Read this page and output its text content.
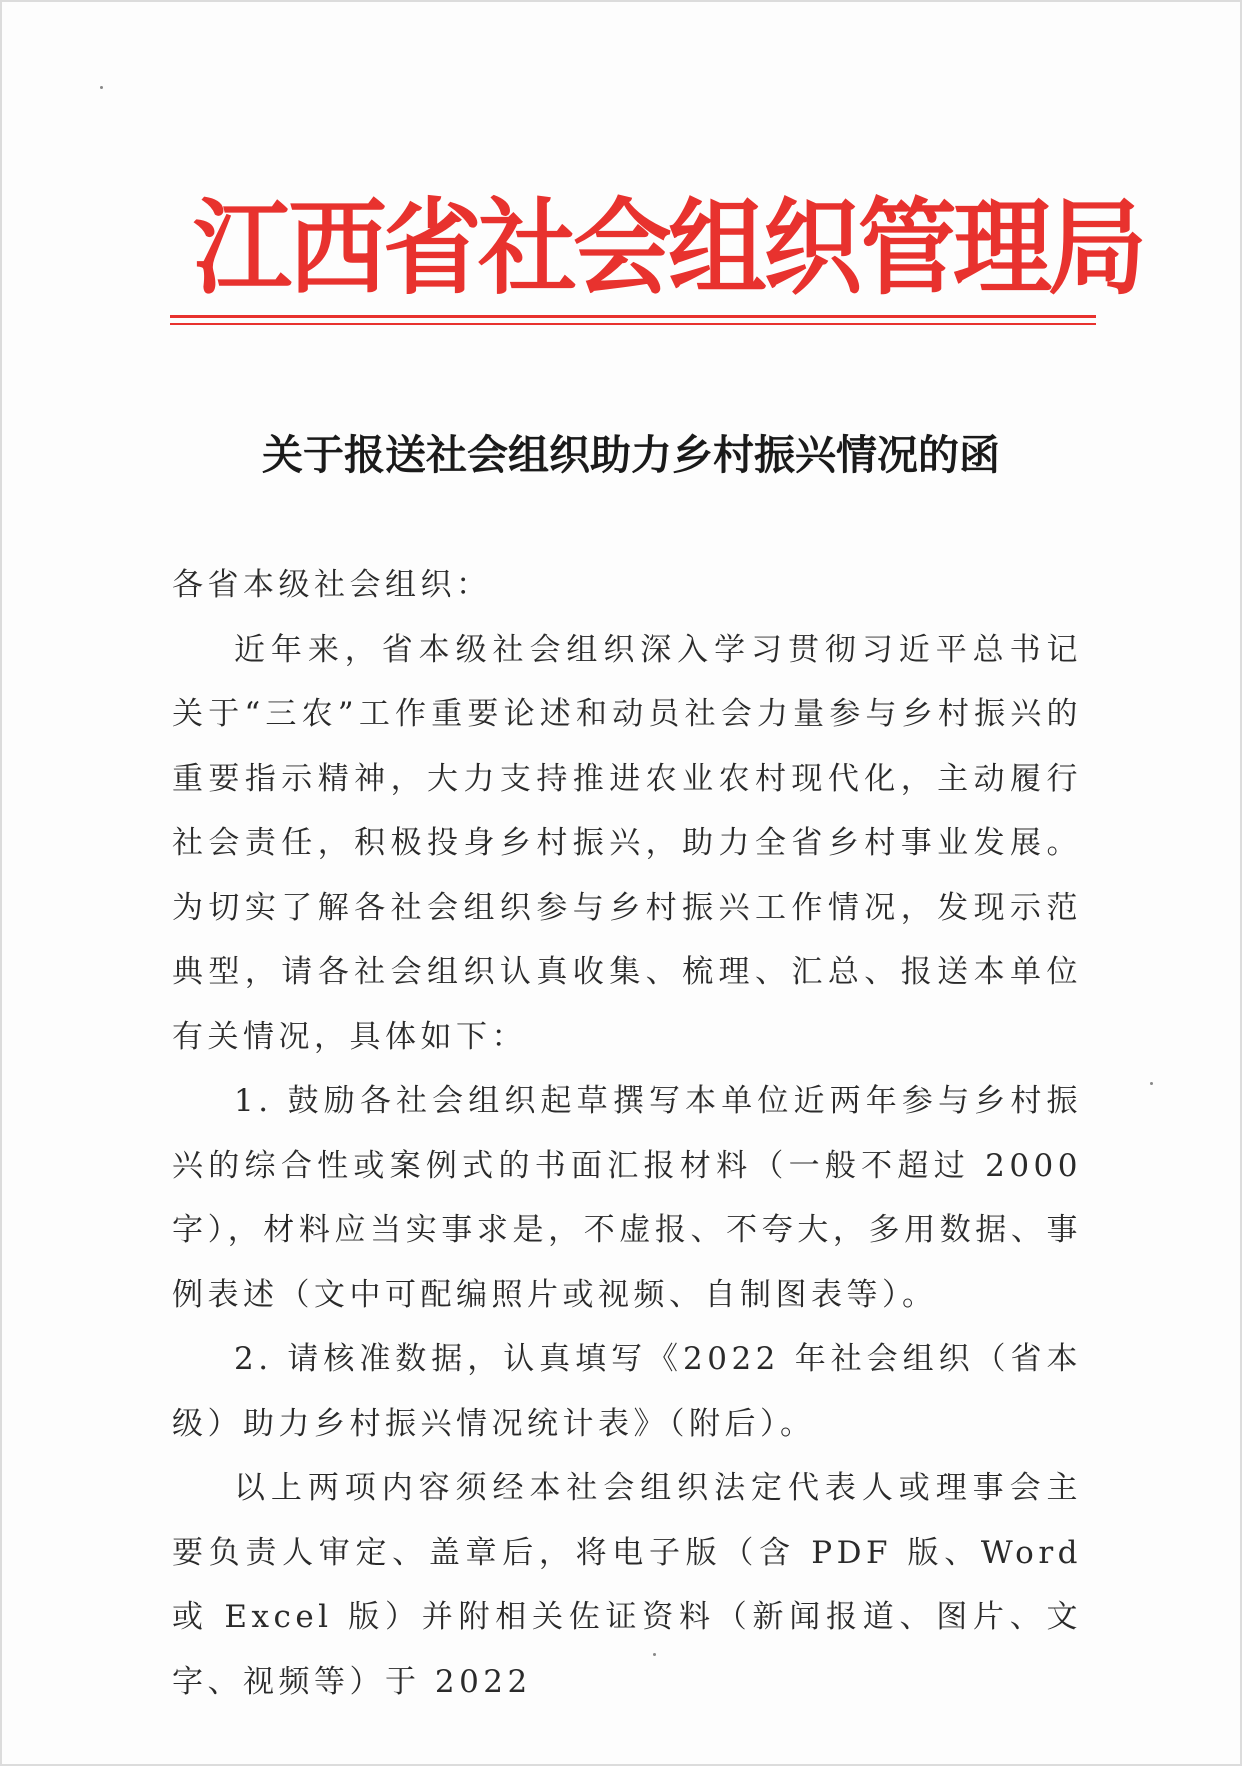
江西省社会组织管理局
关于报送社会组织助力乡村振兴情况的函

各省本级社会组织：

近年来，省本级社会组织深入学习贯彻习近平总书记关于“三农”工作重要论述和动员社会力量参与乡村振兴的重要指示精神，大力支持推进农业农村现代化，主动履行社会责任，积极投身乡村振兴，助力全省乡村事业发展。为切实了解各社会组织参与乡村振兴工作情况，发现示范典型，请各社会组织认真收集、梳理、汇总、报送本单位有关情况，具体如下：

1. 鼓励各社会组织起草撰写本单位近两年参与乡村振兴的综合性或案例式的书面汇报材料（一般不超过 2000 字），材料应当实事求是，不虚报、不夸大，多用数据、事例表述（文中可配编照片或视频、自制图表等）。

2. 请核准数据，认真填写《2022 年社会组织（省本级）助力乡村振兴情况统计表》（附后）。

以上两项内容须经本社会组织法定代表人或理事会主要负责人审定、盖章后，将电子版（含 PDF 版、Word 或 Excel 版）并附相关佐证资料（新闻报道、图片、文字、视频等）于 2022
